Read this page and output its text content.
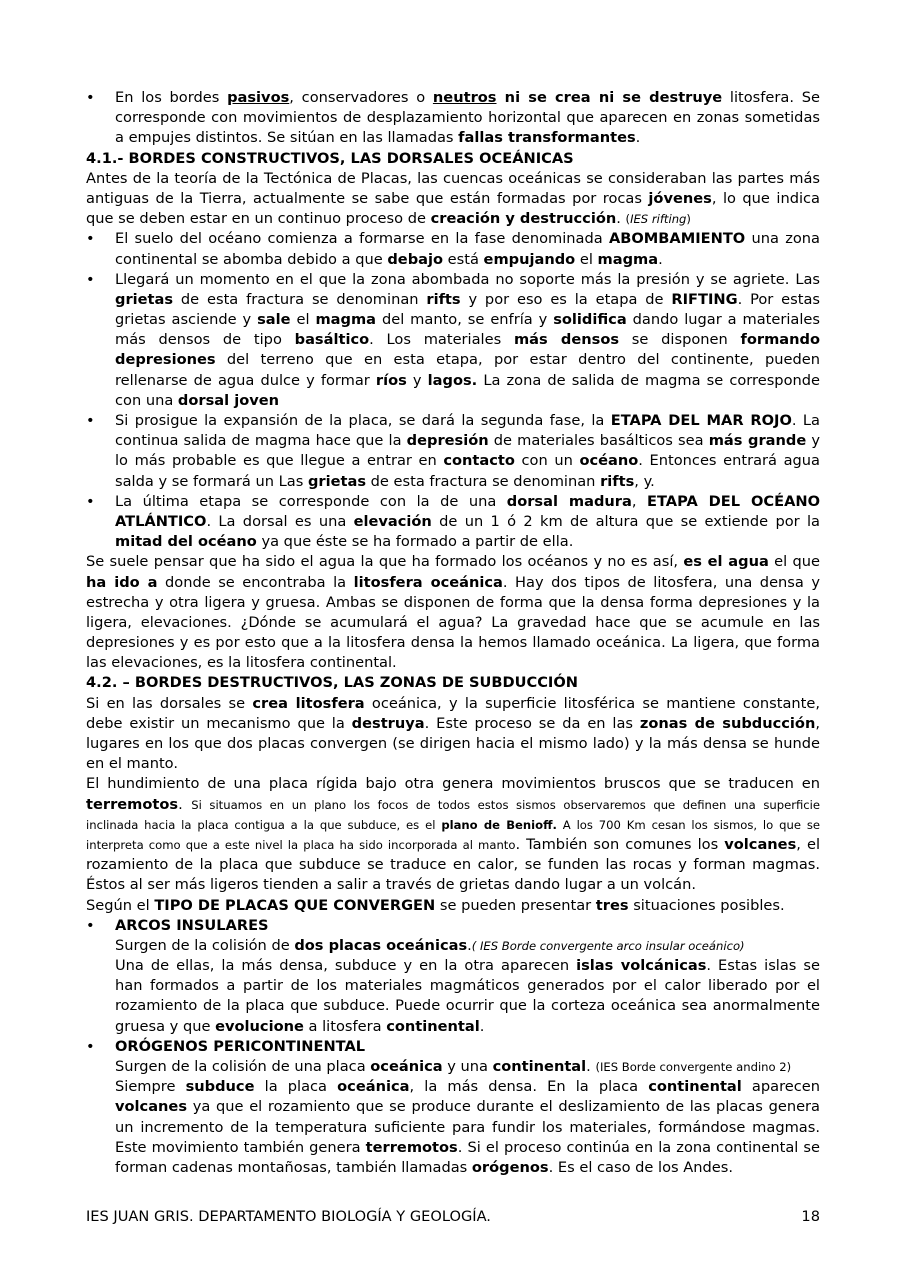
• En los bordes pasivos, conservadores o neutros ni se crea ni se destruye litosfera. Se
corresponde con movimientos de desplazamiento horizontal que aparecen en zonas sometidas
a empujes distintos. Se sitúan en las llamadas fallas transformantes.
4.1.- BORDES CONSTRUCTIVOS, LAS DORSALES OCEÁNICAS
Antes de la teoría de la Tectónica de Placas, las cuencas oceánicas se consideraban las partes más
antiguas de la Tierra, actualmente se sabe que están formadas por rocas jóvenes, lo que indica
que se deben estar en un continuo proceso de creación y destrucción. (IES rifting)
• El suelo del océano comienza a formarse en la fase denominada ABOMBAMIENTO una zona
continental se abomba debido a que debajo está empujando el magma.
• Llegará un momento en el que la zona abombada no soporte más la presión y se agriete. Las
grietas de esta fractura se denominan rifts y por eso es la etapa de RIFTING. Por estas
grietas asciende y sale el magma del manto, se enfría y solidifica dando lugar a materiales
más densos de tipo basáltico. Los materiales más densos se disponen formando
depresiones del terreno que en esta etapa, por estar dentro del continente, pueden
rellenarse de agua dulce y formar ríos y lagos. La zona de salida de magma se corresponde
con una dorsal joven
• Si prosigue la expansión de la placa, se dará la segunda fase, la ETAPA DEL MAR ROJO. La
continua salida de magma hace que la depresión de materiales basálticos sea más grande y
lo más probable es que llegue a entrar en contacto con un océano. Entonces entrará agua
salda y se formará un Las grietas de esta fractura se denominan rifts, y.
• La última etapa se corresponde con la de una dorsal madura, ETAPA DEL OCÉANO
ATLÁNTICO. La dorsal es una elevación de un 1 ó 2 km de altura que se extiende por la
mitad del océano ya que éste se ha formado a partir de ella.
Se suele pensar que ha sido el agua la que ha formado los océanos y no es así, es el agua el que
ha ido a donde se encontraba la litosfera oceánica. Hay dos tipos de litosfera, una densa y
estrecha y otra ligera y gruesa. Ambas se disponen de forma que la densa forma depresiones y la
ligera, elevaciones. ¿Dónde se acumulará el agua? La gravedad hace que se acumule en las
depresiones y es por esto que a la litosfera densa la hemos llamado oceánica. La ligera, que forma
las elevaciones, es la litosfera continental.
4.2. – BORDES DESTRUCTIVOS, LAS ZONAS DE SUBDUCCIÓN
Si en las dorsales se crea litosfera oceánica, y la superficie litosférica se mantiene constante,
debe existir un mecanismo que la destruya. Este proceso se da en las zonas de subducción,
lugares en los que dos placas convergen (se dirigen hacia el mismo lado) y la más densa se hunde
en el manto.
El hundimiento de una placa rígida bajo otra genera movimientos bruscos que se traducen en
terremotos. Si situamos en un plano los focos de todos estos sismos observaremos que definen una superficie
inclinada hacia la placa contigua a la que subduce, es el plano de Benioff. A los 700 Km cesan los sismos, lo que se
interpreta como que a este nivel la placa ha sido incorporada al manto. También son comunes los volcanes, el
rozamiento de la placa que subduce se traduce en calor, se funden las rocas y forman magmas.
Éstos al ser más ligeros tienden a salir a través de grietas dando lugar a un volcán.
Según el TIPO DE PLACAS QUE CONVERGEN se pueden presentar tres situaciones posibles.
• ARCOS INSULARES
Surgen de la colisión de dos placas oceánicas.( IES Borde convergente arco insular oceánico)
Una de ellas, la más densa, subduce y en la otra aparecen islas volcánicas. Estas islas se
han formados a partir de los materiales magmáticos generados por el calor liberado por el
rozamiento de la placa que subduce. Puede ocurrir que la corteza oceánica sea anormalmente
gruesa y que evolucione a litosfera continental.
• ORÓGENOS PERICONTINENTAL
Surgen de la colisión de una placa oceánica y una continental. (IES Borde convergente andino 2)
Siempre subduce la placa oceánica, la más densa. En la placa continental aparecen
volcanes ya que el rozamiento que se produce durante el deslizamiento de las placas genera
un incremento de la temperatura suficiente para fundir los materiales, formándose magmas.
Este movimiento también genera terremotos. Si el proceso continúa en la zona continental se
forman cadenas montañosas, también llamadas orógenos. Es el caso de los Andes.
IES JUAN GRIS. DEPARTAMENTO BIOLOGÍA Y GEOLOGÍA.	18
